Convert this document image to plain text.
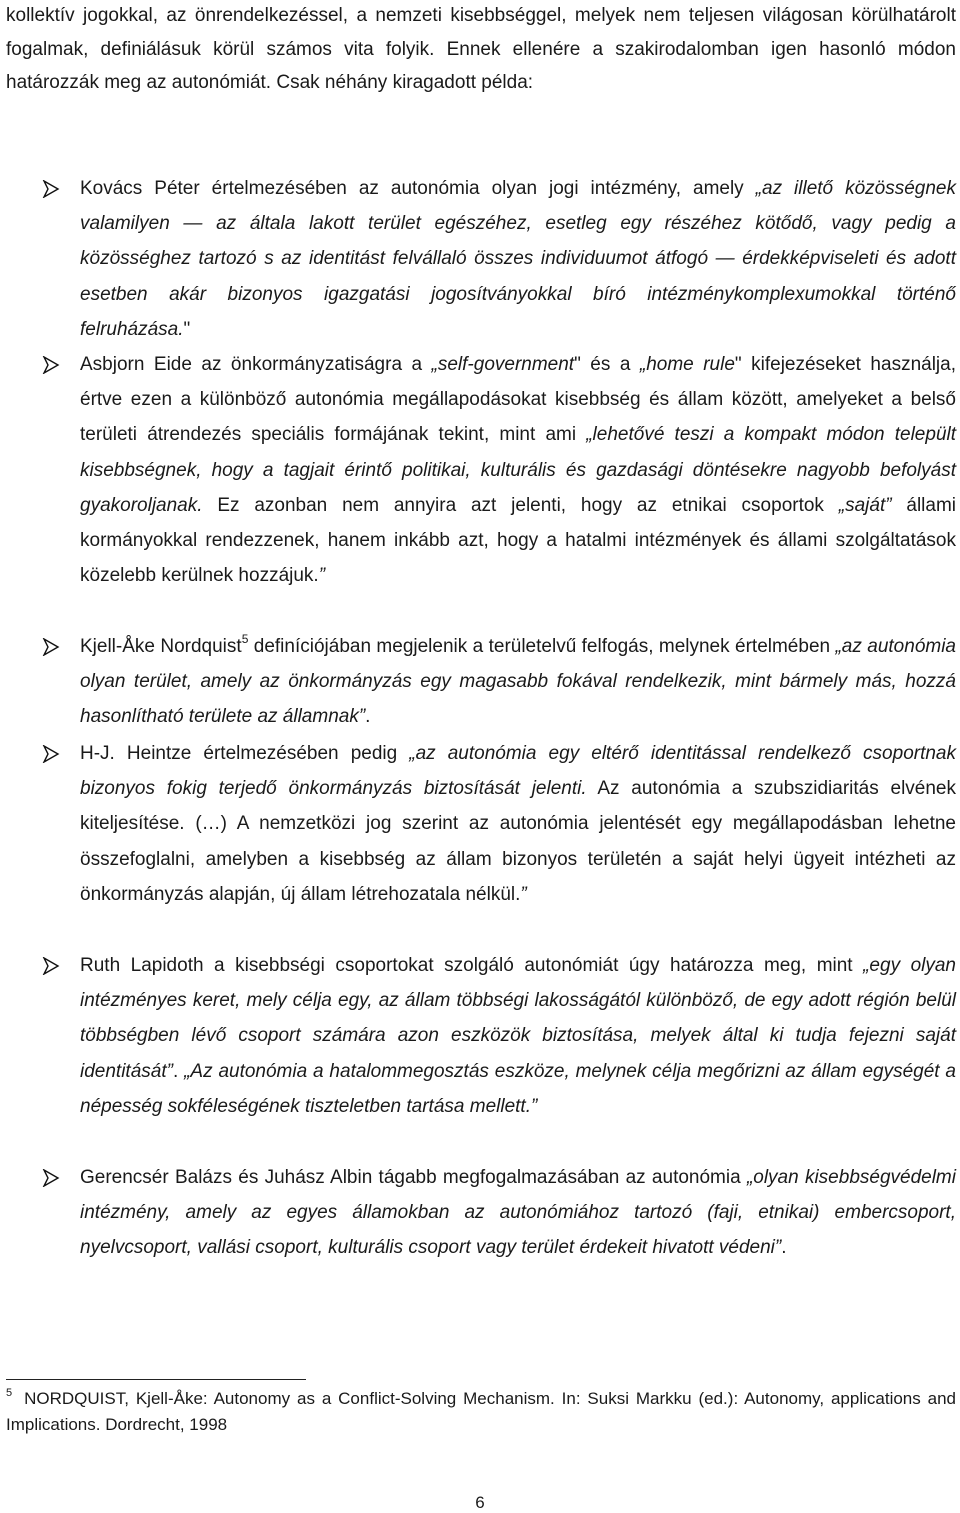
kollektív jogokkal, az önrendelkezéssel, a nemzeti kisebbséggel, melyek nem teljesen világosan körülhatárolt fogalmak, definiálásuk körül számos vita folyik. Ennek ellenére a szakirodalomban igen hasonló módon határozzák meg az autonómiát. Csak néhány kiragadott példa:

Kovács Péter értelmezésében az autonómia olyan jogi intézmény, amely „az illető közösségnek valamilyen — az általa lakott terület egészéhez, esetleg egy részéhez kötődő, vagy pedig a közösséghez tartozó s az identitást felvállaló összes individuumot átfogó — érdekképviseleti és adott esetben akár bizonyos igazgatási jogosítványokkal bíró intézménykomplexumokkal történő felruházása."

Asbjorn Eide az önkormányzatiságra a „self-government" és a „home rule" kifejezéseket használja, értve ezen a különböző autonómia megállapodásokat kisebbség és állam között, amelyeket a belső területi átrendezés speciális formájának tekint, mint ami „lehetővé teszi a kompakt módon települt kisebbségnek, hogy a tagjait érintő politikai, kulturális és gazdasági döntésekre nagyobb befolyást gyakoroljanak. Ez azonban nem annyira azt jelenti, hogy az etnikai csoportok „saját” állami kormányokkal rendezzenek, hanem inkább azt, hogy a hatalmi intézmények és állami szolgáltatások közelebb kerülnek hozzájuk.”

Kjell-Åke Nordquist$^5$ definíciójában megjelenik a területelvű felfogás, melynek értelmében „az autonómia olyan terület, amely az önkormányzás egy magasabb fokával rendelkezik, mint bármely más, hozzá hasonlítható területe az államnak”.

H-J. Heintze értelmezésében pedig „az autonómia egy eltérő identitással rendelkező csoportnak bizonyos fokig terjedő önkormányzás biztosítását jelenti. Az autonómia a szubszidiaritás elvének kiteljesítése. (…) A nemzetközi jog szerint az autonómia jelentését egy megállapodásban lehetne összefoglalni, amelyben a kisebbség az állam bizonyos területén a saját helyi ügyeit intézheti az önkormányzás alapján, új állam létrehozatala nélkül.”

Ruth Lapidoth a kisebbségi csoportokat szolgáló autonómiát úgy határozza meg, mint „egy olyan intézményes keret, mely célja egy, az állam többségi lakosságától különböző, de egy adott régión belül többségben lévő csoport számára azon eszközök biztosítása, melyek által ki tudja fejezni saját identitását”. „Az autonómia a hatalommegosztás eszköze, melynek célja megőrizni az állam egységét a népesség sokféleségének tiszteletben tartása mellett.”

Gerencsér Balázs és Juhász Albin tágabb megfogalmazásában az autonómia „olyan kisebbségvédelmi intézmény, amely az egyes államokban az autonómiához tartozó (faji, etnikai) embercsoport, nyelvcsoport, vallási csoport, kulturális csoport vagy terület érdekeit hivatott védeni”.

$^5$ NORDQUIST, Kjell-Åke: Autonomy as a Conflict-Solving Mechanism. In: Suksi Markku (ed.): Autonomy, applications and Implications. Dordrecht, 1998

6
